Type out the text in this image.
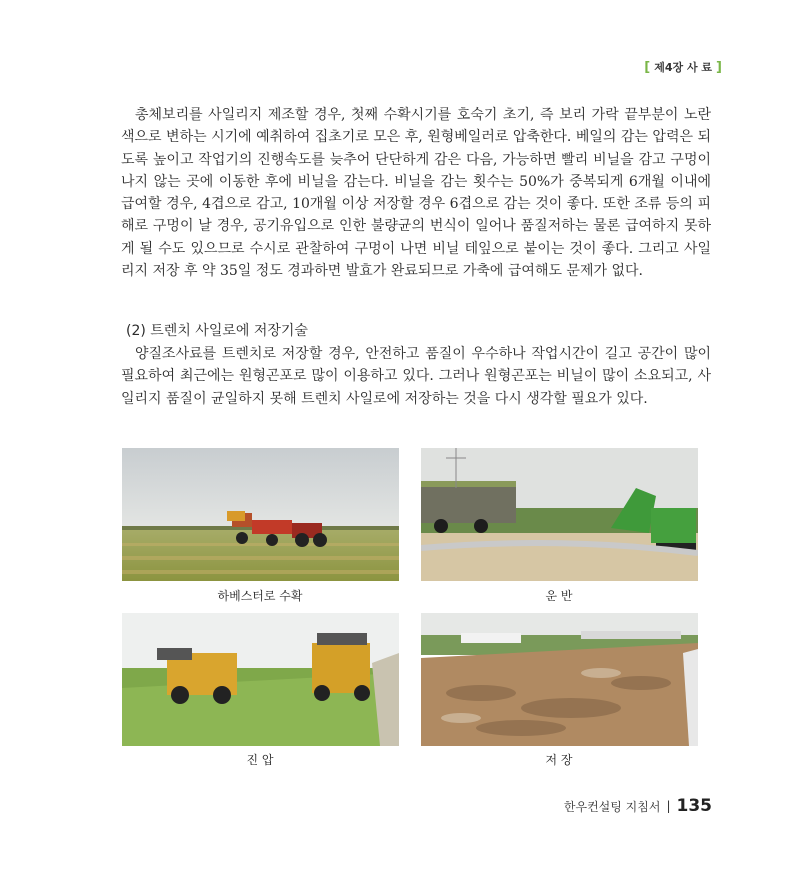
[ 제4장 사 료 ]

총체보리를 사일리지 제조할 경우, 첫째 수확시기를 호숙기 초기, 즉 보리 가락 끝부분이 노란색으로 변하는 시기에 예취하여 집초기로 모은 후, 원형베일러로 압축한다. 베일의 감는 압력은 되도록 높이고 작업기의 진행속도를 늦추어 단단하게 감은 다음, 가능하면 빨리 비닐을 감고 구멍이 나지 않는 곳에 이동한 후에 비닐을 감는다. 비닐을 감는 횟수는 50%가 중복되게 6개월 이내에 급여할 경우, 4겹으로 감고, 10개월 이상 저장할 경우 6겹으로 감는 것이 좋다. 또한 조류 등의 피해로 구멍이 날 경우, 공기유입으로 인한 불량균의 번식이 일어나 품질저하는 물론 급여하지 못하게 될 수도 있으므로 수시로 관찰하여 구멍이 나면 비닐 테잎으로 붙이는 것이 좋다. 그리고 사일리지 저장 후 약 35일 정도 경과하면 발효가 완료되므로 가축에 급여해도 문제가 없다.

(2) 트렌치 사일로에 저장기술

양질조사료를 트렌치로 저장할 경우, 안전하고 품질이 우수하나 작업시간이 길고 공간이 많이 필요하여 최근에는 원형곤포로 많이 이용하고 있다. 그러나 원형곤포는 비닐이 많이 소요되고, 사일리지 품질이 균일하지 못해 트렌치 사일로에 저장하는 것을 다시 생각할 필요가 있다.

하베스터로 수확	운 반
진 압	저 장
한우컨설팅 지침서 | 135
